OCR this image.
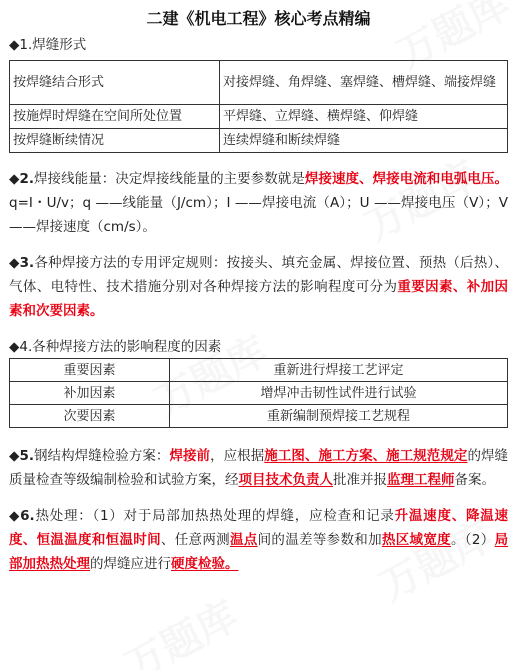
二建《机电工程》核心考点精编
◆1.焊缝形式
按焊缝结合形式	对接焊缝、角焊缝、塞焊缝、槽焊缝、端接焊缝
按施焊时焊缝在空间所处位置	平焊缝、立焊缝、横焊缝、仰焊缝
按焊缝断续情况	连续焊缝和断续焊缝
◆2.焊接线能量：决定焊接线能量的主要参数就是焊接速度、焊接电流和电弧电压。q=I・U/v；q ——线能量（J/cm）；I ——焊接电流（A）；U ——焊接电压（V）；V ——焊接速度（cm/s）。
◆3.各种焊接方法的专用评定规则：按接头、填充金属、焊接位置、预热（后热）、气体、电特性、技术措施分别对各种焊接方法的影响程度可分为重要因素、补加因素和次要因素。
◆4.各种焊接方法的影响程度的因素
重要因素	重新进行焊接工艺评定
补加因素	增焊冲击韧性试件进行试验
次要因素	重新编制预焊接工艺规程
◆5.钢结构焊缝检验方案：焊接前，应根据施工图、施工方案、施工规范规定的焊缝质量检查等级编制检验和试验方案，经项目技术负责人批准并报监理工程师备案。
◆6.热处理：（1）对于局部加热热处理的焊缝，应检查和记录升温速度、降温速度、恒温温度和恒温时间、任意两测温点间的温差等参数和加热区域宽度。（2）局部加热热处理的焊缝应进行硬度检验。
